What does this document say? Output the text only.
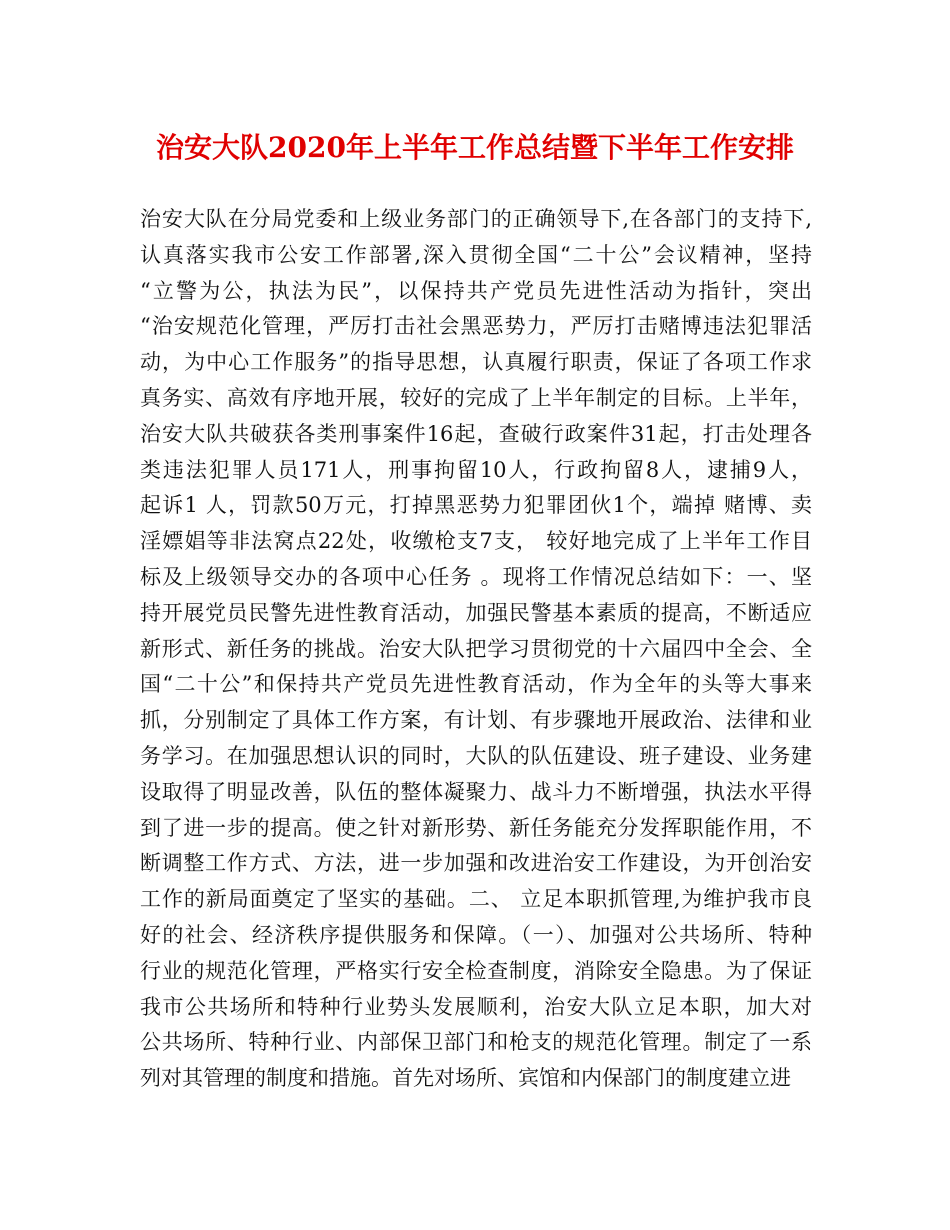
治安大队2020年上半年工作总结暨下半年工作安排
治安大队在分局党委和上级业务部门的正确领导下,在各部门的支持下,
认真落实我市公安工作部署,深入贯彻全国“二十公”会议精神，坚持
“立警为公，执法为民”，以保持共产党员先进性活动为指针，突出
“治安规范化管理，严厉打击社会黑恶势力，严厉打击赌博违法犯罪活
动，为中心工作服务”的指导思想，认真履行职责，保证了各项工作求
真务实、高效有序地开展，较好的完成了上半年制定的目标。上半年，
治安大队共破获各类刑事案件16起，查破行政案件31起，打击处理各
类违法犯罪人员171人，刑事拘留10人，行政拘留8人，逮捕9人，
起诉1 人，罚款50万元，打掉黑恶势力犯罪团伙1个，端掉 赌博、卖
淫嫖娼等非法窝点22处，收缴枪支7支， 较好地完成了上半年工作目
标及上级领导交办的各项中心任务 。现将工作情况总结如下：一、坚
持开展党员民警先进性教育活动，加强民警基本素质的提高，不断适应
新形式、新任务的挑战。治安大队把学习贯彻党的十六届四中全会、全
国“二十公”和保持共产党员先进性教育活动，作为全年的头等大事来
抓，分别制定了具体工作方案，有计划、有步骤地开展政治、法律和业
务学习。在加强思想认识的同时，大队的队伍建设、班子建设、业务建
设取得了明显改善，队伍的整体凝聚力、战斗力不断增强，执法水平得
到了进一步的提高。使之针对新形势、新任务能充分发挥职能作用，不
断调整工作方式、方法，进一步加强和改进治安工作建设，为开创治安
工作的新局面奠定了坚实的基础。二、 立足本职抓管理,为维护我市良
好的社会、经济秩序提供服务和保障。（一）、加强对公共场所、特种
行业的规范化管理，严格实行安全检查制度，消除安全隐患。为了保证
我市公共场所和特种行业势头发展顺利，治安大队立足本职，加大对
公共场所、特种行业、内部保卫部门和枪支的规范化管理。制定了一系
列对其管理的制度和措施。首先对场所、宾馆和内保部门的制度建立进
